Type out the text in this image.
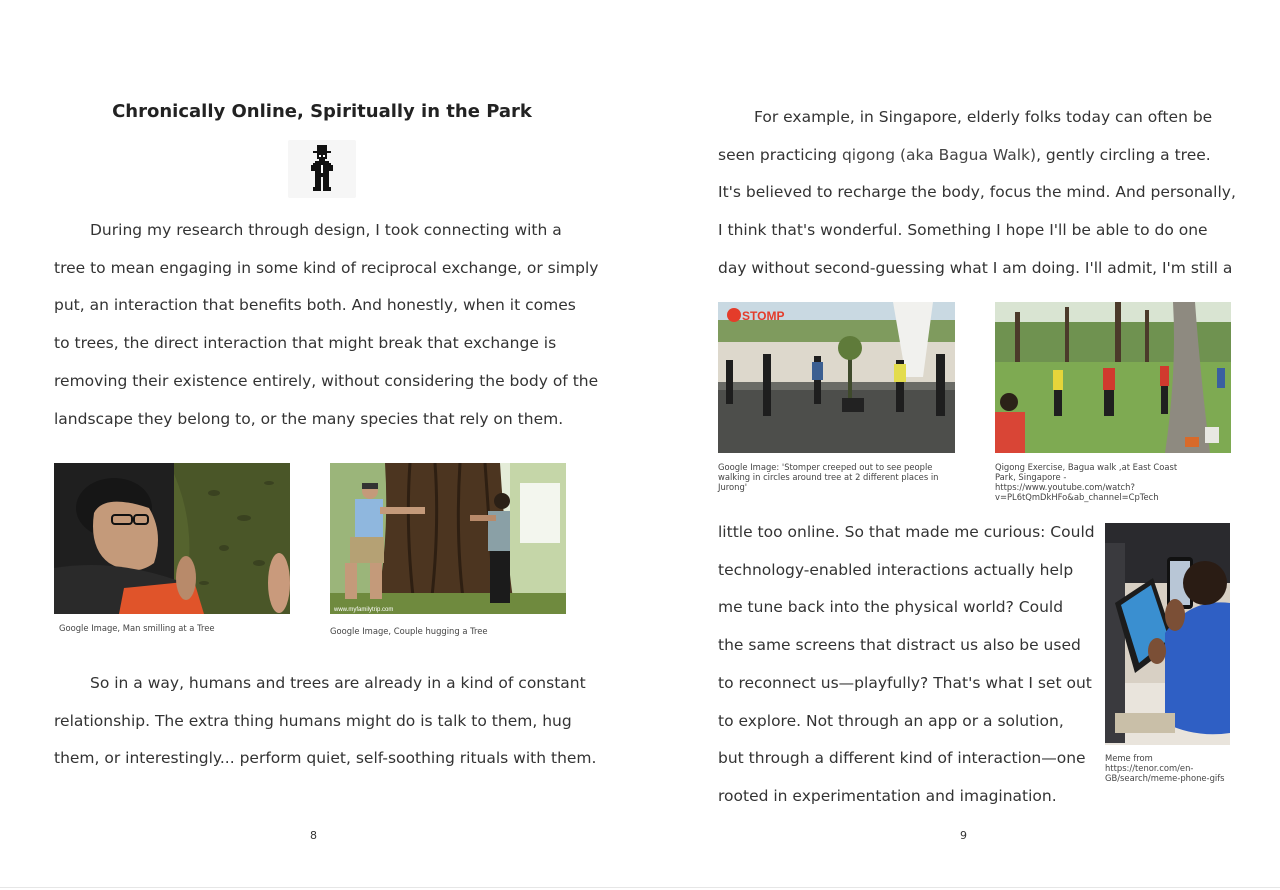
Chronically Online, Spiritually in the Park
During my research through design, I took connecting with a
tree to mean engaging in some kind of reciprocal exchange, or simply
put, an interaction that benefits both. And honestly, when it comes
to trees, the direct interaction that might break that exchange is
removing their existence entirely, without considering the body of the
landscape they belong to, or the many species that rely on them.
Google Image, Man smilling at a Tree
www.myfamilytrip.com
Google Image, Couple hugging a Tree
So in a way, humans and trees are already in a kind of constant
relationship. The extra thing humans might do is talk to them, hug
them, or interestingly... perform quiet, self-soothing rituals with them.
8
For example, in Singapore, elderly folks today can often be
seen practicing qigong (aka Bagua Walk), gently circling a tree.
It's believed to recharge the body, focus the mind. And personally,
I think that's wonderful. Something I hope I'll be able to do one
day without second-guessing what I am doing. I'll admit, I'm still a
STOMP
Google Image: 'Stomper creeped out to see people walking in circles around tree at 2 different places in Jurong'
Qigong Exercise, Bagua walk ,at East Coast Park, Singapore - https://www.youtube.com/watch?v=PL6tQmDkHFo&ab_channel=CpTech
little too online. So that made me curious: Could
technology-enabled interactions actually help
me tune back into the physical world? Could
the same screens that distract us also be used
to reconnect us—playfully? That's what I set out
to explore. Not through an app or a solution,
but through a different kind of interaction—one
rooted in experimentation and imagination.
Meme from https://tenor.com/en-GB/search/meme-phone-gifs
9
